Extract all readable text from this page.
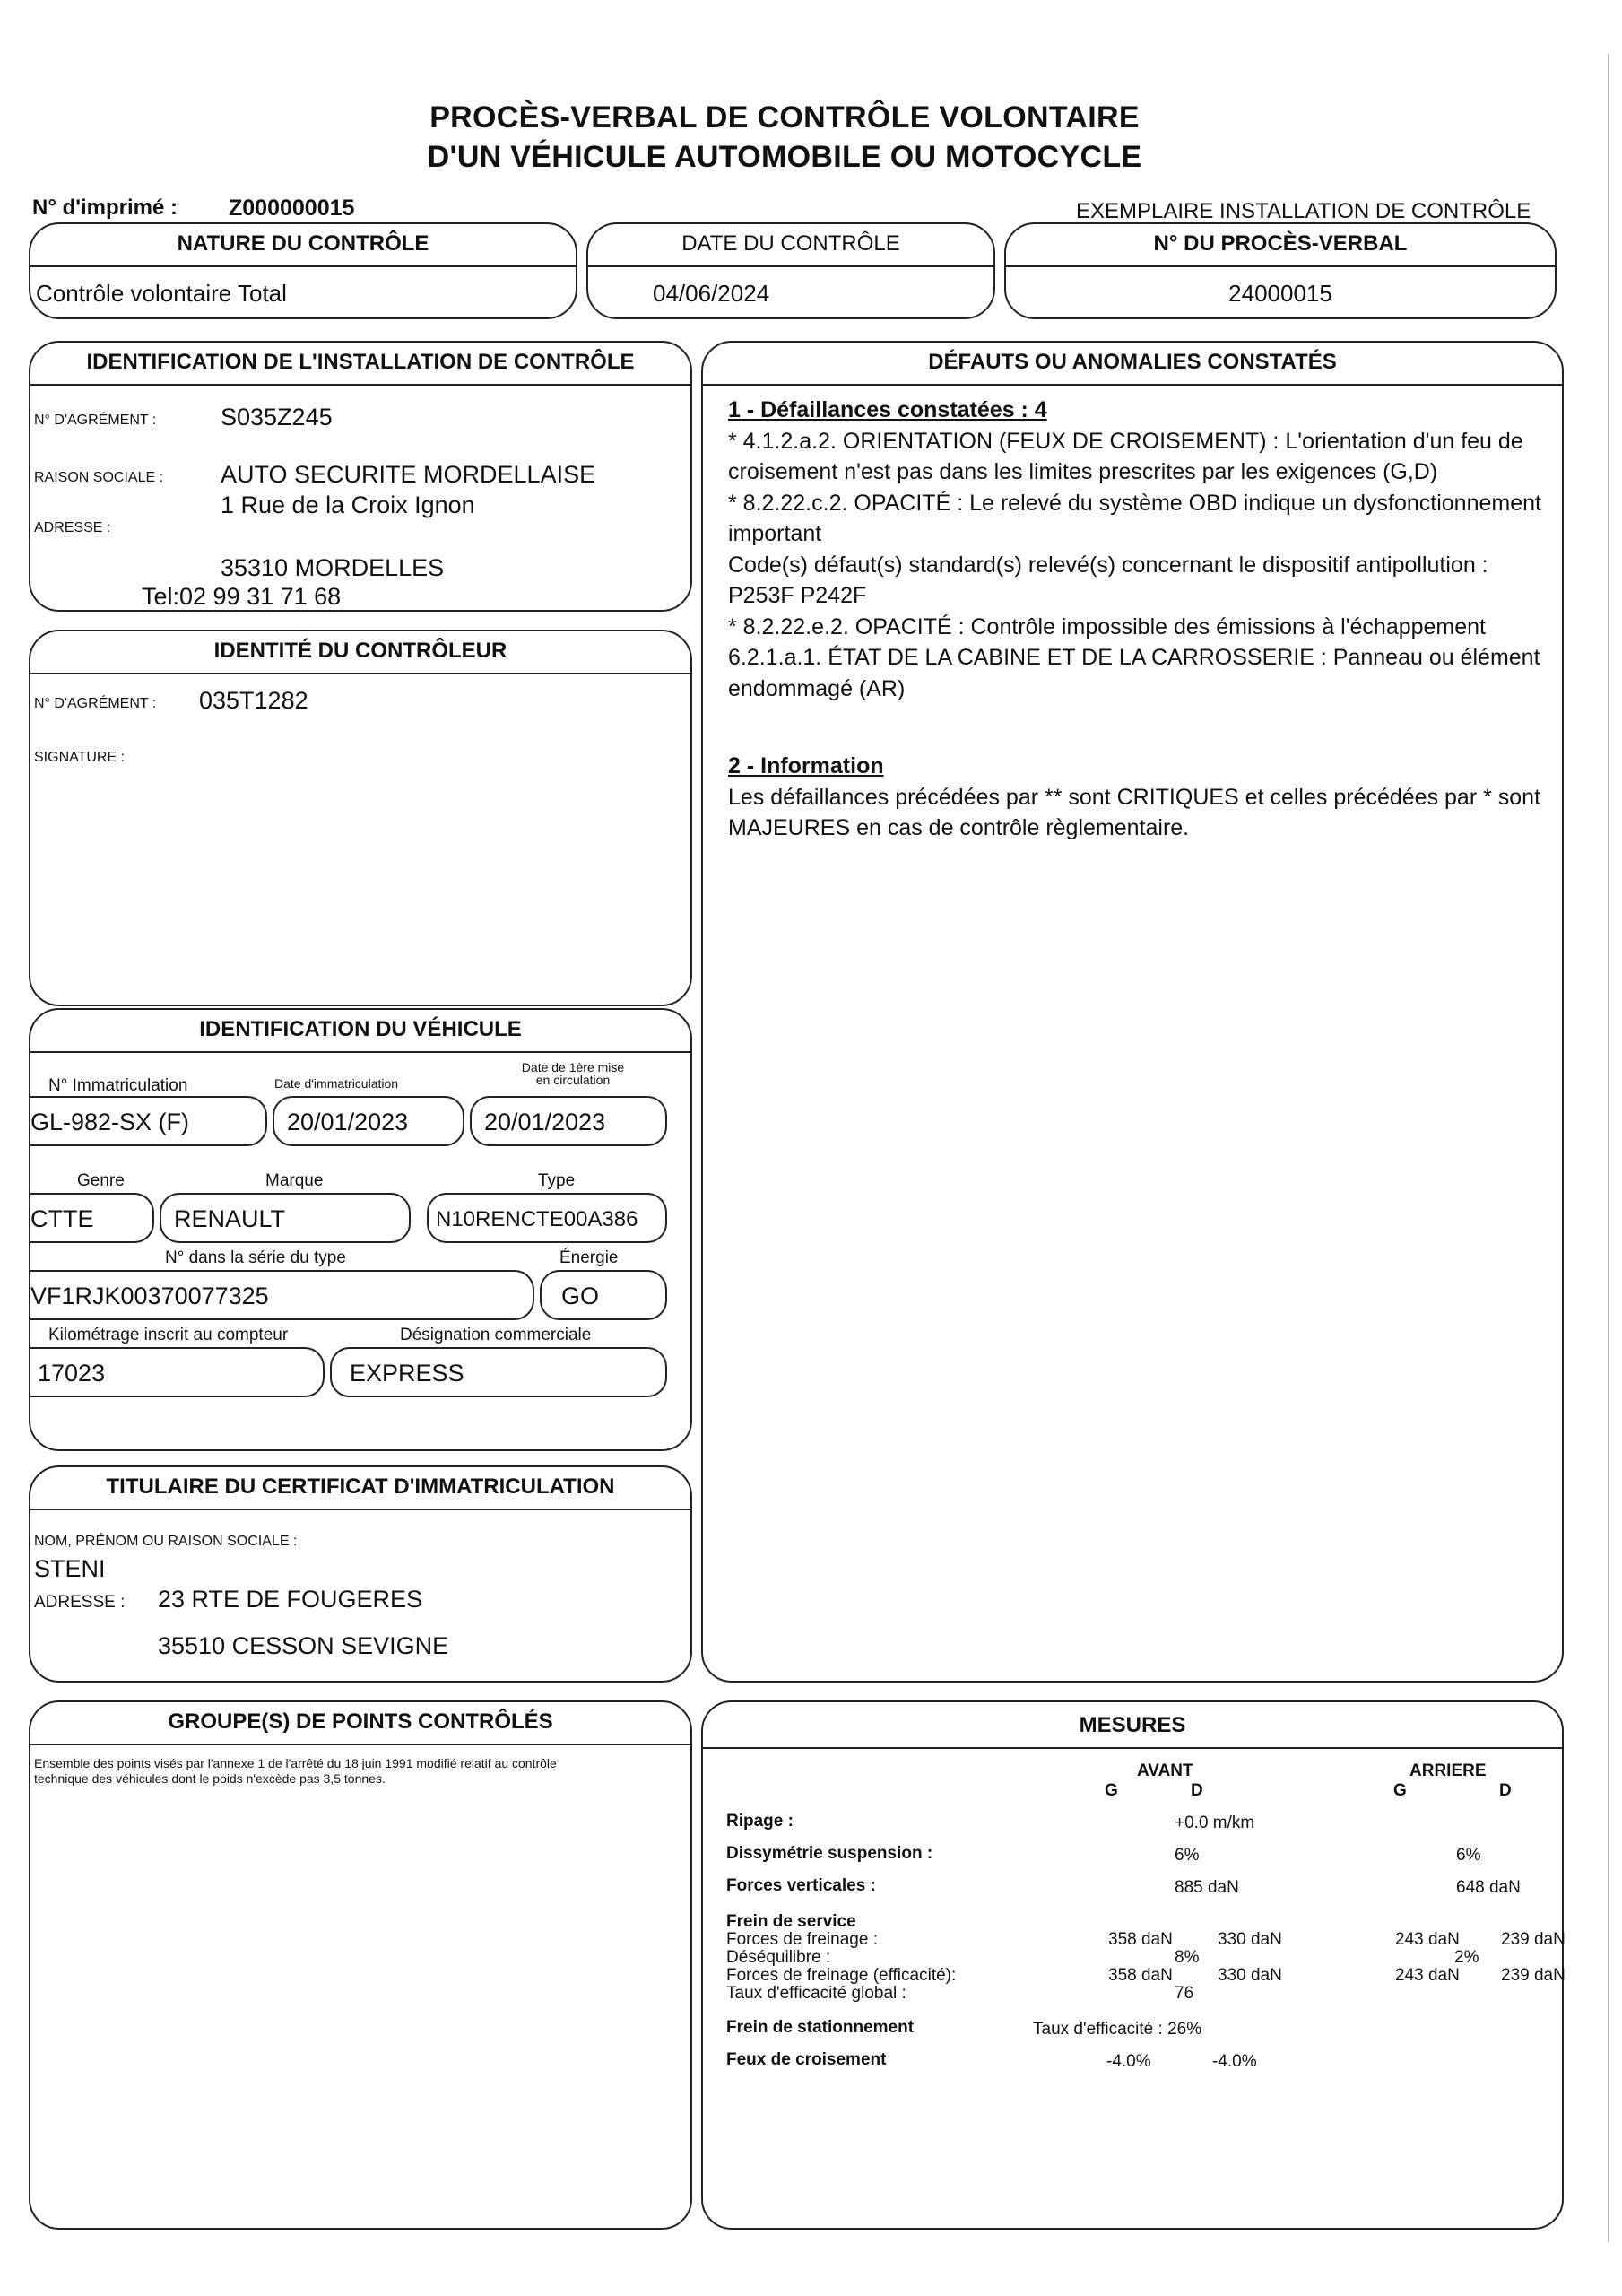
PROCÈS-VERBAL DE CONTRÔLE VOLONTAIRE
D'UN VÉHICULE AUTOMOBILE OU MOTOCYCLE
N° d'imprimé : Z000000015	EXEMPLAIRE INSTALLATION DE CONTRÔLE
NATURE DU CONTRÔLE
Contrôle volontaire Total
DATE DU CONTRÔLE
04/06/2024
N° DU PROCÈS-VERBAL
24000015
IDENTIFICATION DE L'INSTALLATION DE CONTRÔLE
N° D'AGRÉMENT :	S035Z245
RAISON SOCIALE : AUTO SECURITE MORDELLAISE
1 Rue de la Croix Ignon
ADRESSE :
35310 MORDELLES
Tel:02 99 31 71 68
IDENTITÉ DU CONTRÔLEUR
N° D'AGRÉMENT : 035T1282
SIGNATURE :
IDENTIFICATION DU VÉHICULE
N° Immatriculation	Date d'immatriculation
Date de 1ère mise
en circulation
GL-982-SX (F)	20/01/2023	20/01/2023
Genre	Marque	Type
CTTE	RENAULT	N10RENCTE00A386
N° dans la série du type	Énergie
VF1RJK00370077325	GO
Kilométrage inscrit au compteur	Désignation commerciale
17023	EXPRESS
TITULAIRE DU CERTIFICAT D'IMMATRICULATION
NOM, PRÉNOM OU RAISON SOCIALE :
STENI
ADRESSE : 23 RTE DE FOUGERES
35510 CESSON SEVIGNE
DÉFAUTS OU ANOMALIES CONSTATÉS

1 - Défaillances constatées : 4

* 4.1.2.a.2. ORIENTATION (FEUX DE CROISEMENT) : L'orientation d'un feu de croisement n'est pas dans les limites prescrites par les exigences (G,D)

* 8.2.22.c.2. OPACITÉ : Le relevé du système OBD indique un dysfonctionnement important

Code(s) défaut(s) standard(s) relevé(s) concernant le dispositif antipollution : P253F P242F

* 8.2.22.e.2. OPACITÉ : Contrôle impossible des émissions à l'échappement

6.2.1.a.1. ÉTAT DE LA CABINE ET DE LA CARROSSERIE : Panneau ou élément endommagé (AR)

2 - Information

Les défaillances précédées par ** sont CRITIQUES et celles précédées par * sont MAJEURES en cas de contrôle règlementaire.

GROUPE(S) DE POINTS CONTRÔLÉS
Ensemble des points visés par l'annexe 1 de l'arrêté du 18 juin 1991 modifié relatif au contrôle technique des véhicules dont le poids n'excède pas 3,5 tonnes.
MESURES
AVANT	ARRIERE
G	D	G	D
Ripage :	+0.0 m/km
Dissymétrie suspension :	6%	6%
Forces verticales :	885 daN	648 daN
Frein de service
Forces de freinage :	358 daN	330 daN	243 daN 239 daN
Déséquilibre :	8%	2%
Forces de freinage (efficacité):	358 daN	330 daN	243 daN 239 daN
Taux d'efficacité global :	76
Frein de stationnement	Taux d'efficacité : 26%
Feux de croisement	-4.0%	-4.0%
